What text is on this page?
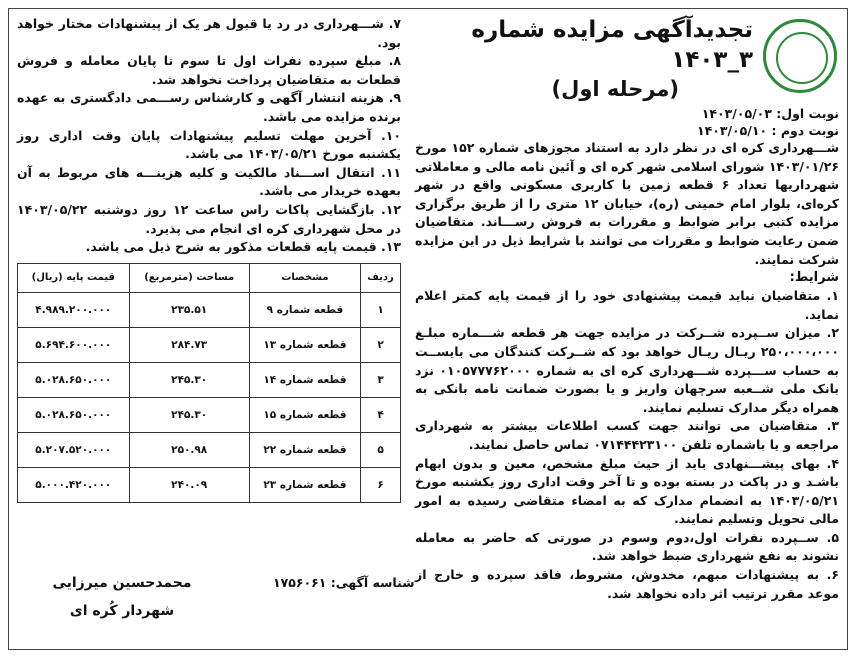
تجدیدآگهی مزایده شماره ۳_۱۴۰۳
(مرحله اول)
نوبت اول: ۱۴۰۳/۰۵/۰۳
نوبت دوم : ۱۴۰۳/۰۵/۱۰

شـــهرداری کره ای در نظر دارد به استناد مجوزهای شماره ۱۵۲ مورخ ۱۴۰۳/۰۱/۲۶ شورای اسلامی شهر کره ای و آئین نامه مالی و معاملاتی شهرداریها تعداد ۶ قطعه زمین با کاربری مسکونی واقع در شهر کره‌ای، بلوار امام خمینی (ره)، خیابان ۱۲ متری را از طریق برگزاری مزایده کتبی برابر ضوابط و مقررات به فروش رســـاند. متقاضیان ضمن رعایت ضوابط و مقررات می توانند با شرایط ذیل در این مزایده شرکت نمایند.

شرایط:

۱. متقاضیان نباید قیمت پیشنهادی خود را از قیمت پایه کمتر اعلام نماید.

۲. میزان ســپرده شــرکت در مزایده جهت هر قطعه شـــماره مبلـغ ۲۵۰،۰۰۰،۰۰۰ ریـال ریـال خواهد بود که شــرکت کنندگان می بایســت به حساب ســـپرده شـــهرداری کره ای به شماره ۰۱۰۵۷۷۷۶۲۰۰۰ نزد بانک ملی شــعبه سرچهان واریز و یا بصورت ضمانت نامه بانکی به همراه دیگر مدارک تسلیم نمایند.

۳. متقاضیان می توانند جهت کسب اطلاعات بیشتر به شهرداری مراجعه و یا باشماره تلفن ۰۷۱۴۴۴۲۳۱۰۰ تماس حاصل نمایند.

۴. بهای پیشـــنهادی باید از حیث مبلغ مشخص، معین و بدون ابهام باشـد و در پاکت در بسته بوده و تا آخر وقت اداری روز یکشنبه مورخ ۱۴۰۳/۰۵/۲۱ به انضمام مدارک که به امضاء متقاضی رسیده به امور مالی تحویل وتسلیم نمایند.

۵. ســپرده نفرات اول،دوم وسوم در صورتی که حاضر به معامله نشوند به نفع شهرداری ضبط خواهد شد.

۶. به پیشنهادات مبهم، مخدوش، مشروط، فاقد سپرده و خارج از موعد مقرر ترتیب اثر داده نخواهد شد.

۷. شـــهرداری در رد یا قبول هر یک از پیشنهادات مختار خواهد بود.

۸. مبلغ سپرده نفرات اول تا سوم تا پایان معامله و فروش قطعات به متقاضیان پرداخت نخواهد شد.

۹. هزینه انتشار آگهی و کارشناس رســـمی دادگستری به عهده برنده مزایده می باشد.

۱۰. آخرین مهلت تسلیم پیشنهادات پایان وقت اداری روز یکشنبه مورخ ۱۴۰۳/۰۵/۲۱ می باشد.

۱۱. انتقال اســـناد مالکیت و کلیه هزینـــه های مربوط به آن بعهده خریدار می باشد.

۱۲. بازگشایی پاکات راس ساعت ۱۲ روز دوشنبه ۱۴۰۳/۰۵/۲۲ در محل شهرداری کره ای انجام می پذیرد.

۱۳. قیمت پایه قطعات مذکور به شرح ذیل می باشد.

ردیف	مشخصات	مساحت (مترمربع)	قیمت پایه (ریال)
۱	قطعه شماره ۹	۲۳۵.۵۱	۴.۹۸۹.۲۰۰.۰۰۰
۲	قطعه شماره ۱۳	۲۸۴.۷۳	۵.۶۹۴.۶۰۰.۰۰۰
۳	قطعه شماره ۱۴	۲۴۵.۳۰	۵.۰۲۸.۶۵۰.۰۰۰
۴	قطعه شماره ۱۵	۲۴۵.۳۰	۵.۰۲۸.۶۵۰.۰۰۰
۵	قطعه شماره ۲۲	۲۵۰.۹۸	۵.۲۰۷.۵۲۰.۰۰۰
۶	قطعه شماره ۲۳	۲۴۰.۰۹	۵.۰۰۰.۴۲۰.۰۰۰
شناسه آگهی: ۱۷۵۶۰۶۱
محمدحسین میرزایی
شهردار کُره ای
